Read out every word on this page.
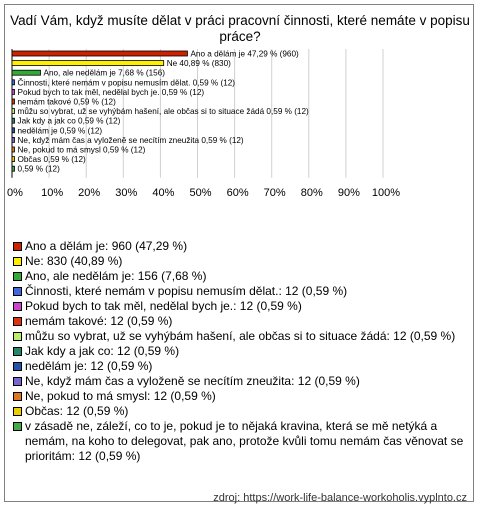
Vadí Vám, když musíte dělat v práci pracovní činnosti, které nemáte v popisu práce?
0% 10% 20% 30% 40% 50% 60% 70% 80% 90% 100%
Ano a dělám je 47,29 % (960)
Ne 40,89 % (830)
Ano, ale nedělám je 7,68 % (156)
Činnosti, které nemám v popisu nemusím dělat. 0,59 % (12)
Pokud bych to tak měl, nedělal bych je. 0,59 % (12)
nemám takové 0,59 % (12)
můžu so vybrat, už se vyhýbám hašení, ale občas si to situace žádá 0,59 % (12)
Jak kdy a jak co 0,59 % (12)
nedělám je 0,59 % (12)
Ne, když mám čas a vyloženě se necítím zneužita 0,59 % (12)
Ne, pokud to má smysl 0,59 % (12)
Občas 0,59 % (12)
0,59 % (12)
Ano a dělám je: 960 (47,29 %)
Ne: 830 (40,89 %)
Ano, ale nedělám je: 156 (7,68 %)
Činnosti, které nemám v popisu nemusím dělat.: 12 (0,59 %)
Pokud bych to tak měl, nedělal bych je.: 12 (0,59 %)
nemám takové: 12 (0,59 %)
můžu so vybrat, už se vyhýbám hašení, ale občas si to situace žádá: 12 (0,59 %)
Jak kdy a jak co: 12 (0,59 %)
nedělám je: 12 (0,59 %)
Ne, když mám čas a vyloženě se necítím zneužita: 12 (0,59 %)
Ne, pokud to má smysl: 12 (0,59 %)
Občas: 12 (0,59 %)
v zásadě ne, záleží, co to je, pokud je to nějaká kravina, která se mě netýká a nemám, na koho to delegovat, pak ano, protože kvůli tomu nemám čas věnovat se prioritám: 12 (0,59 %)
zdroj: https://work-life-balance-workoholis.vyplnto.cz
